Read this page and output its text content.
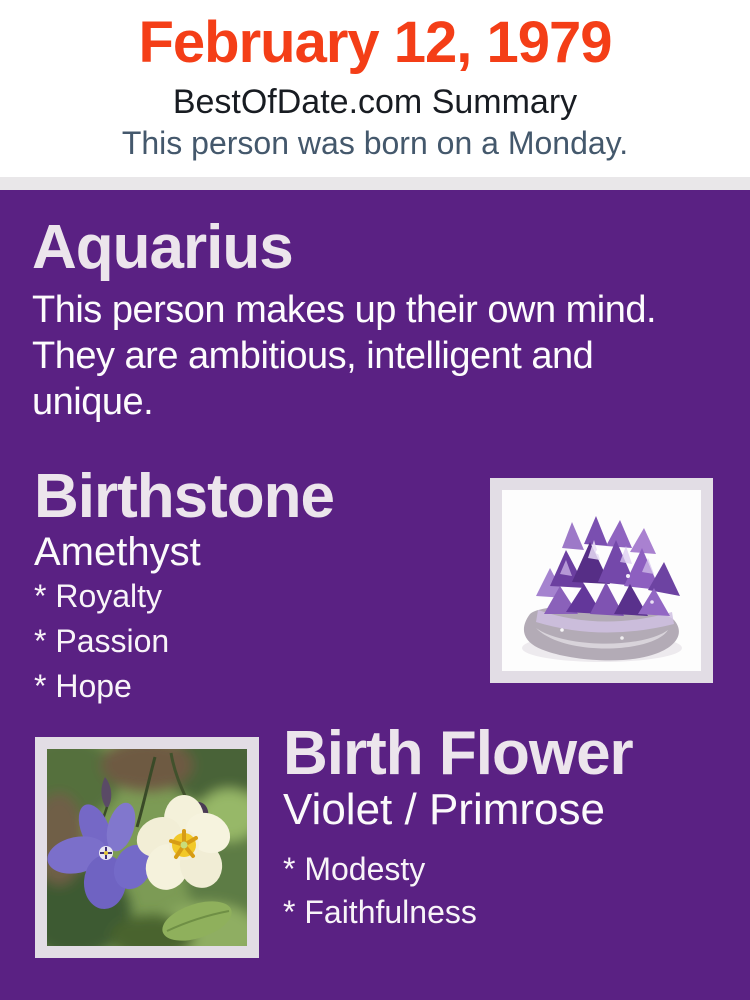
February 12, 1979
BestOfDate.com Summary
This person was born on a Monday.
Aquarius
This person makes up their own mind. They are ambitious, intelligent and unique.
Birthstone
Amethyst
* Royalty
* Passion
* Hope
Birth Flower
Violet / Primrose
* Modesty
* Faithfulness
